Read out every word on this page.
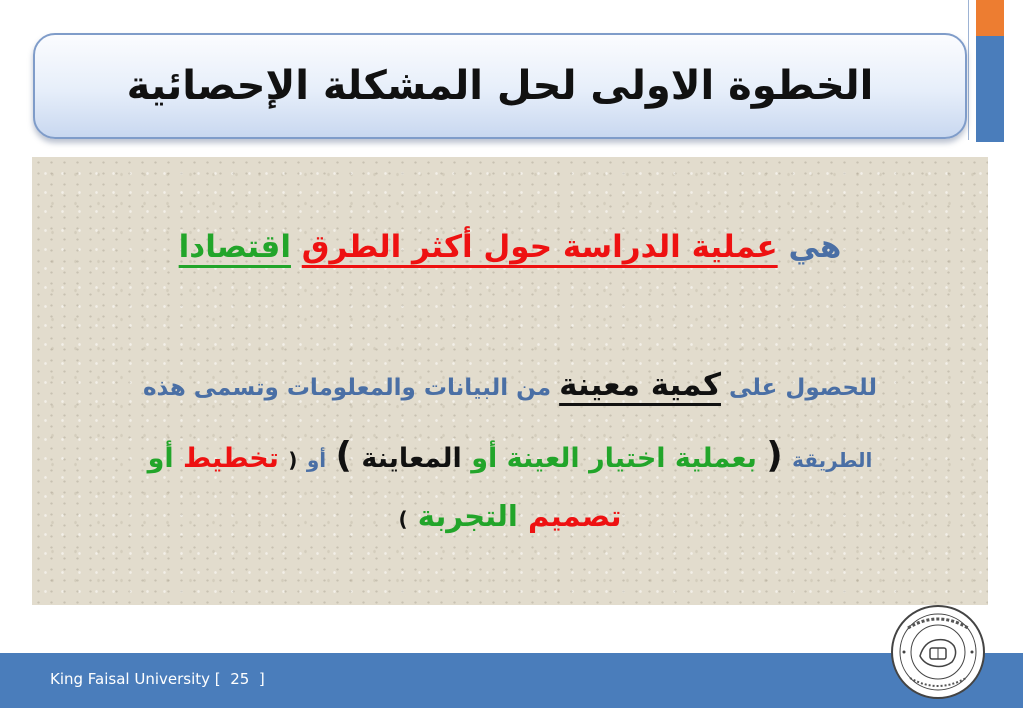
الخطوة الاولى لحل المشكلة الإحصائية
هي عملية الدراسة حول أكثر الطرق اقتصادا
للحصول على كمية معينة من البيانات والمعلومات وتسمى هذه
الطريقة ( بعملية اختيار العينة أو المعاينة ) أو ( تخطيط أو
تصميم التجربة )
King Faisal University [ 25 ]
